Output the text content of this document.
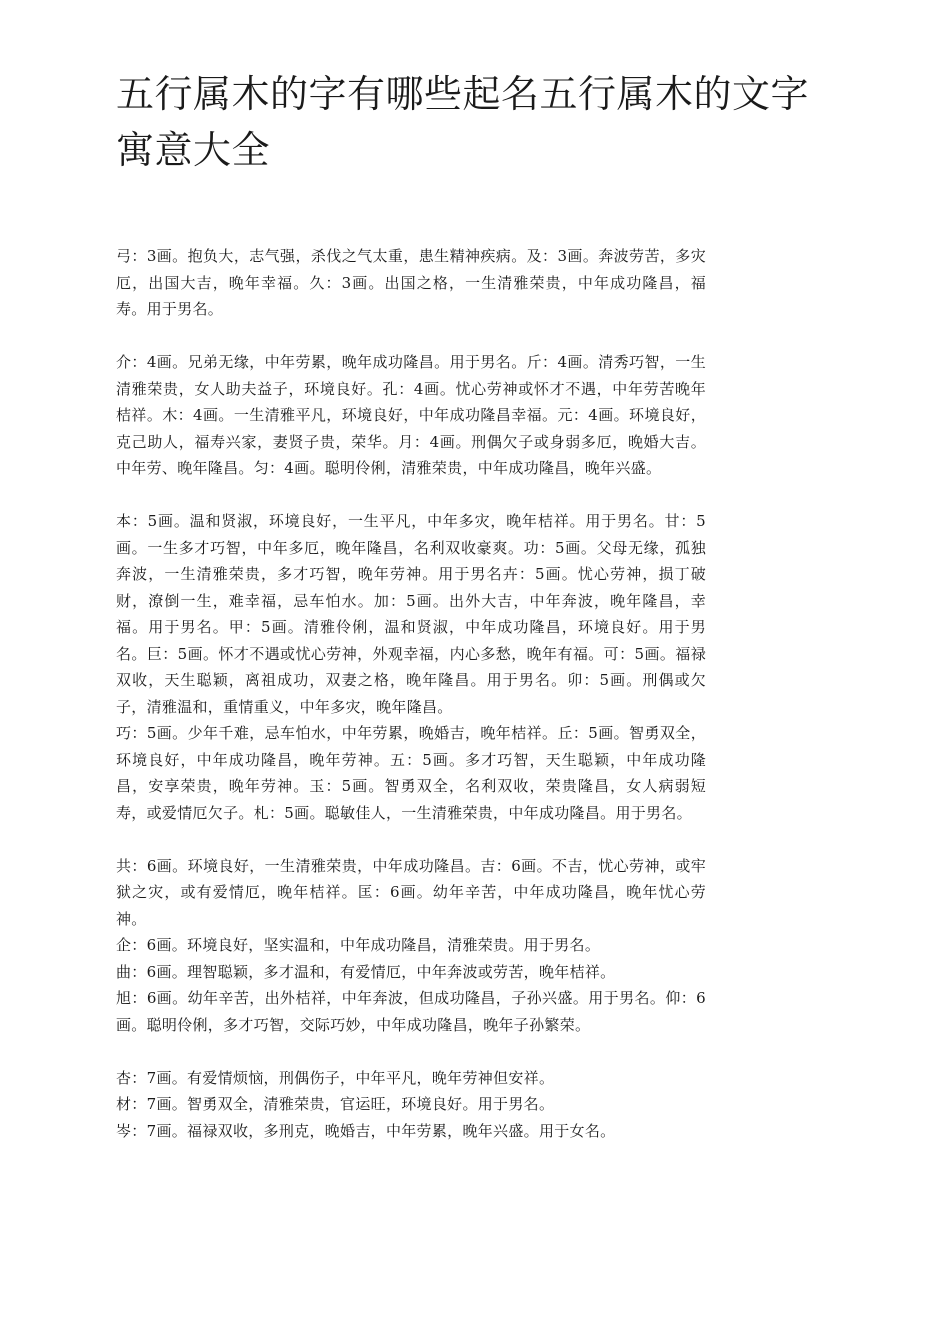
五行属木的字有哪些起名五行属木的文字寓意大全

弓：3画。抱负大，志气强，杀伐之气太重，患生精神疾病。及：3画。奔波劳苦，多灾厄，出国大吉，晚年幸福。久：3画。出国之格，一生清雅荣贵，中年成功隆昌，福寿。用于男名。

介：4画。兄弟无缘，中年劳累，晚年成功隆昌。用于男名。斤：4画。清秀巧智，一生清雅荣贵，女人助夫益子，环境良好。孔：4画。忧心劳神或怀才不遇，中年劳苦晚年桔祥。木：4画。一生清雅平凡，环境良好，中年成功隆昌幸福。元：4画。环境良好，克己助人，福寿兴家，妻贤子贵，荣华。月：4画。刑偶欠子或身弱多厄，晚婚大吉。中年劳、晚年隆昌。匀：4画。聪明伶俐，清雅荣贵，中年成功隆昌，晚年兴盛。

本：5画。温和贤淑，环境良好，一生平凡，中年多灾，晚年桔祥。用于男名。甘：5画。一生多才巧智，中年多厄，晚年隆昌，名利双收豪爽。功：5画。父母无缘，孤独奔波，一生清雅荣贵，多才巧智，晚年劳神。用于男名卉：5画。忧心劳神，损丁破财，潦倒一生，难幸福，忌车怕水。加：5画。出外大吉，中年奔波，晚年隆昌，幸福。用于男名。甲：5画。清雅伶俐，温和贤淑，中年成功隆昌，环境良好。用于男名。巨：5画。怀才不遇或忧心劳神，外观幸福，内心多愁，晚年有福。可：5画。福禄双收，天生聪颖，离祖成功，双妻之格，晚年隆昌。用于男名。卯：5画。刑偶或欠子，清雅温和，重情重义，中年多灾，晚年隆昌。

巧：5画。少年千难，忌车怕水，中年劳累，晚婚吉，晚年桔祥。丘：5画。智勇双全，环境良好，中年成功隆昌，晚年劳神。五：5画。多才巧智，天生聪颖，中年成功隆昌，安享荣贵，晚年劳神。玉：5画。智勇双全，名利双收，荣贵隆昌，女人病弱短寿，或爱情厄欠子。札：5画。聪敏佳人，一生清雅荣贵，中年成功隆昌。用于男名。

共：6画。环境良好，一生清雅荣贵，中年成功隆昌。吉：6画。不吉，忧心劳神，或牢狱之灾，或有爱情厄，晚年桔祥。匡：6画。幼年辛苦，中年成功隆昌，晚年忧心劳神。

企：6画。环境良好，坚实温和，中年成功隆昌，清雅荣贵。用于男名。

曲：6画。理智聪颖，多才温和，有爱情厄，中年奔波或劳苦，晚年桔祥。

旭：6画。幼年辛苦，出外桔祥，中年奔波，但成功隆昌，子孙兴盛。用于男名。仰：6画。聪明伶俐，多才巧智，交际巧妙，中年成功隆昌，晚年子孙繁荣。

杏：7画。有爱情烦恼，刑偶伤子，中年平凡，晚年劳神但安祥。

材：7画。智勇双全，清雅荣贵，官运旺，环境良好。用于男名。

岑：7画。福禄双收，多刑克，晚婚吉，中年劳累，晚年兴盛。用于女名。
